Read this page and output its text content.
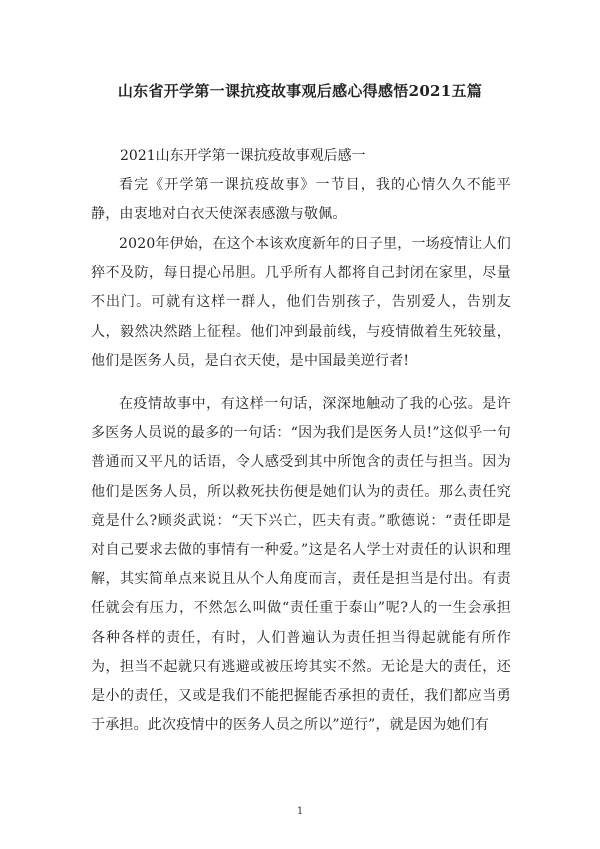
山东省开学第一课抗疫故事观后感心得感悟2021五篇
2021山东开学第一课抗疫故事观后感一

看完《开学第一课抗疫故事》一节目，我的心情久久不能平静，由衷地对白衣天使深表感激与敬佩。

2020年伊始，在这个本该欢度新年的日子里，一场疫情让人们猝不及防，每日提心吊胆。几乎所有人都将自己封闭在家里，尽量不出门。可就有这样一群人，他们告别孩子，告别爱人，告别友人，毅然决然踏上征程。他们冲到最前线，与疫情做着生死较量，他们是医务人员，是白衣天使，是中国最美逆行者!

在疫情故事中，有这样一句话，深深地触动了我的心弦。是许多医务人员说的最多的一句话：“因为我们是医务人员!”这似乎一句普通而又平凡的话语，令人感受到其中所饱含的责任与担当。因为他们是医务人员，所以救死扶伤便是她们认为的责任。那么责任究竟是什么?顾炎武说：“天下兴亡，匹夫有责。”歌德说：“责任即是对自己要求去做的事情有一种爱。”这是名人学士对责任的认识和理解，其实简单点来说且从个人角度而言，责任是担当是付出。有责任就会有压力，不然怎么叫做“责任重于泰山”呢?人的一生会承担各种各样的责任，有时，人们普遍认为责任担当得起就能有所作为，担当不起就只有逃避或被压垮其实不然。无论是大的责任，还是小的责任，又或是我们不能把握能否承担的责任，我们都应当勇于承担。此次疫情中的医务人员之所以”逆行”，就是因为她们有

1
